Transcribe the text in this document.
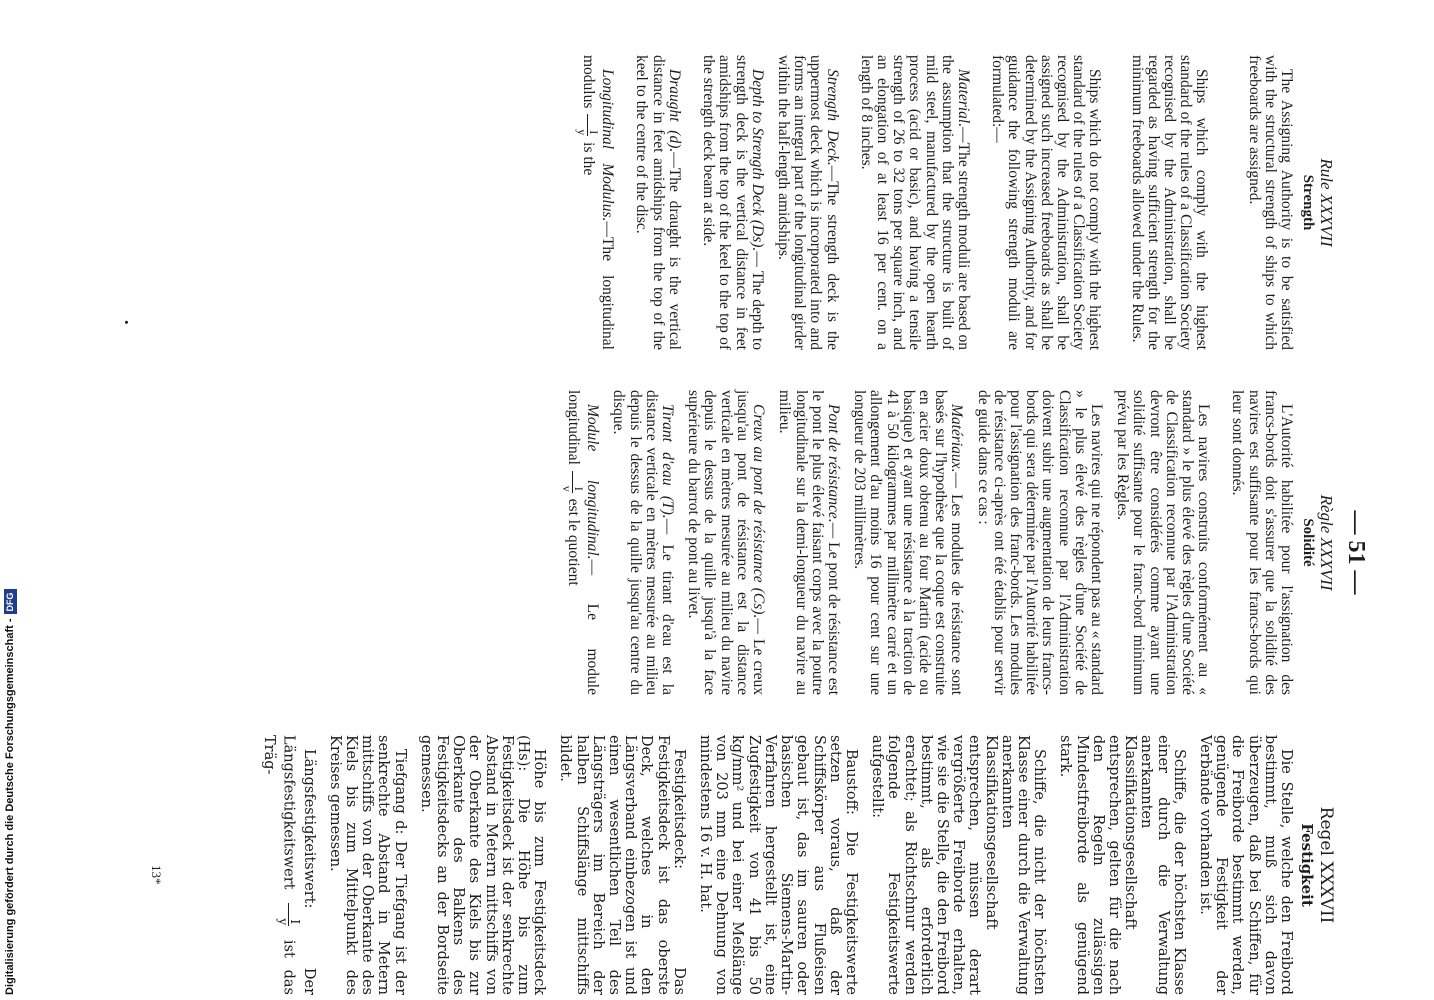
— 51 —
Rule XXXVII
Strength

The Assigning Authority is to be satisfied with the structural strength of ships to which freeboards are assigned.

Ships which comply with the highest standard of the rules of a Classification Society recognised by the Administration, shall be regarded as having sufficient strength for the minimum freeboards allowed under the Rules.

Ships which do not comply with the highest standard of the rules of a Classification Society recognised by the Administration, shall be assigned such increased freeboards as shall be determined by the Assigning Authority, and for guidance the following strength moduli are formulated:—

Material.—The strength moduli are based on the assumption that the structure is built of mild steel, manufactured by the open hearth process (acid or basic), and having a tensile strength of 26 to 32 tons per square inch, and an elongation of at least 16 per cent. on a length of 8 inches.

Strength Deck.—The strength deck is the uppermost deck which is incorporated into and forms an integral part of the longitudinal girder within the half-length amidships.

Depth to Strength Deck (Ds).— The depth to strength deck is the vertical distance in feet amidships from the top of the keel to the top of the strength deck beam at side.

Draught (d).—The draught is the vertical distance in feet amidships from the top of the keel to the centre of the disc.

Longitudinal Modulus.—The longitudinal modulus
I
y
is the

•
Règle XXXVII
Solidité

L'Autorité habilitée pour l'assignation des francs-bords doit s'assurer que la solidité des navires est suffisante pour les francs-bords qui leur sont donnés.

Les navires construits conformément au « standard » le plus élevé des règles d'une Société de Classification reconnue par l'Administration devront être considérés comme ayant une solidité suffisante pour le franc-bord minimum prévu par les Règles.

Les navires qui ne répondent pas au « standard » le plus élevé des règles d'une Société de Classification reconnue par l'Administration doivent subir une augmentation de leurs francs-bords qui sera déterminée par l'Autorité habilitée pour l'assignation des franc-bords. Les modules de résistance ci-après ont été établis pour servir de guide dans ce cas :

Matériaux.— Les modules de résistance sont basés sur l'hypothèse que la coque est construite en acier doux obtenu au four Martin (acide ou basique) et ayant une résistance à la traction de 41 à 50 kilogrammes par millimètre carré et un allongement d'au moins 16 pour cent sur une longueur de 203 millimètres.

Pont de résistance.— Le pont de résistance est le pont le plus élevé faisant corps avec la poutre longitudinale sur la demi-longueur du navire au milieu.

Creux au pont de résistance (Cs).— Le creux jusqu'au pont de résistance est la distance verticale en mètres mesurée au milieu du navire depuis le dessus de la quille jusqu'à la face supérieure du barrot de pont au livet.

Tirant d'eau (T).— Le tirant d'eau est la distance verticale en mètres mesurée au milieu depuis le dessus de la quille jusqu'au centre du disque.

Module longitudinal.— Le module longitudinal
I
v
est le quotient

Regel XXXVII
Festigkeit

Die Stelle, welche den Freibord bestimmt, muß sich davon überzeugen, daß bei Schiffen, für die Freiborde bestimmt werden, genügende Festigkeit der Verbände vorhanden ist.

Schiffe, die der höchsten Klasse einer durch die Verwaltung anerkannten Klassifikationsgesellschaft entsprechen, gelten für die nach den Regeln zulässigen Mindestfreiborde als genügend stark.

Schiffe, die nicht der höchsten Klasse einer durch die Verwaltung anerkannten Klassifikationsgesellschaft entsprechen, müssen derart vergrößerte Freiborde erhalten, wie sie die Stelle, die den Freibord bestimmt, als erforderlich erachtet; als Richtschnur werden folgende Festigkeitswerte aufgestellt:

Baustoff: Die Festigkeitswerte setzen voraus, daß der Schiffskörper aus Flußeisen gebaut ist, das im sauren oder basischen Siemens-Martin-Verfahren hergestellt ist, eine Zugfestigkeit von 41 bis 50 kg/mm² und bei einer Meßlänge von 203 mm eine Dehnung von mindestens 16 v. H. hat.

Festigkeitsdeck: Das Festigkeitsdeck ist das oberste Deck, welches in den Längsverband einbezogen ist und einen wesentlichen Teil des Längsträgers im Bereich der halben Schiffslänge mittschiffs bildet.

Höhe bis zum Festigkeitsdeck (Hs): Die Höhe bis zum Festigkeitsdeck ist der senkrechte Abstand in Metern mittschiffs von der Oberkante des Kiels bis zur Oberkante des Balkens des Festigkeitsdecks an der Bordseite gemessen.

Tiefgang d: Der Tiefgang ist der senkrechte Abstand in Metern mittschiffs von der Oberkante des Kiels bis zum Mittelpunkt des Kreises gemessen.

Längsfestigkeitswert: Der Längsfestigkeitswert
I
y
ist das Träg-

13*
Digitalisierung gefördert durch die Deutsche Forschungsgemeinschaft -
DFG
